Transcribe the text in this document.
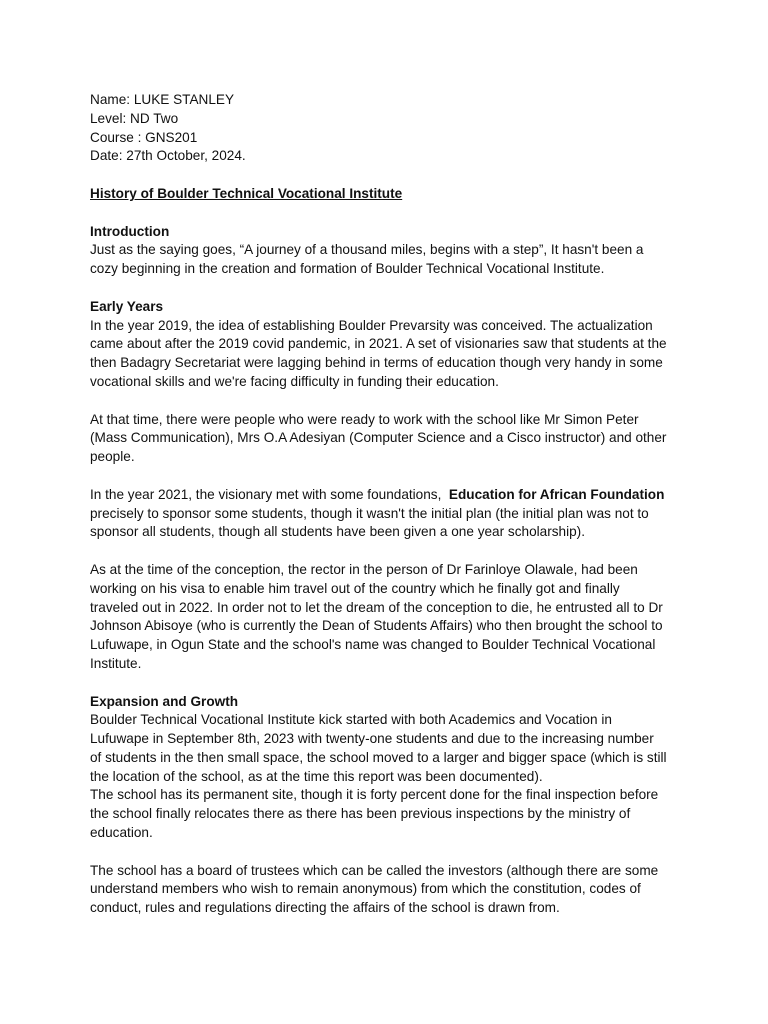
Name: LUKE STANLEY
Level: ND Two
Course : GNS201
Date: 27th October, 2024.
History of Boulder Technical Vocational Institute
Introduction

Just as the saying goes, “A journey of a thousand miles, begins with a step”, It hasn't been a
cozy beginning in the creation and formation of Boulder Technical Vocational Institute.

Early Years

In the year 2019, the idea of establishing Boulder Prevarsity was conceived. The actualization
came about after the 2019 covid pandemic, in 2021. A set of visionaries saw that students at the
then Badagry Secretariat were lagging behind in terms of education though very handy in some
vocational skills and we're facing difficulty in funding their education.

At that time, there were people who were ready to work with the school like Mr Simon Peter
(Mass Communication), Mrs O.A Adesiyan (Computer Science and a Cisco instructor) and other
people.

In the year 2021, the visionary met with some foundations,  Education for African Foundation
precisely to sponsor some students, though it wasn't the initial plan (the initial plan was not to
sponsor all students, though all students have been given a one year scholarship).

As at the time of the conception, the rector in the person of Dr Farinloye Olawale, had been
working on his visa to enable him travel out of the country which he finally got and finally
traveled out in 2022. In order not to let the dream of the conception to die, he entrusted all to Dr
Johnson Abisoye (who is currently the Dean of Students Affairs) who then brought the school to
Lufuwape, in Ogun State and the school's name was changed to Boulder Technical Vocational
Institute.

Expansion and Growth

Boulder Technical Vocational Institute kick started with both Academics and Vocation in
Lufuwape in September 8th, 2023 with twenty-one students and due to the increasing number
of students in the then small space, the school moved to a larger and bigger space (which is still
the location of the school, as at the time this report was been documented).
The school has its permanent site, though it is forty percent done for the final inspection before
the school finally relocates there as there has been previous inspections by the ministry of
education.

The school has a board of trustees which can be called the investors (although there are some
understand members who wish to remain anonymous) from which the constitution, codes of
conduct, rules and regulations directing the affairs of the school is drawn from.
